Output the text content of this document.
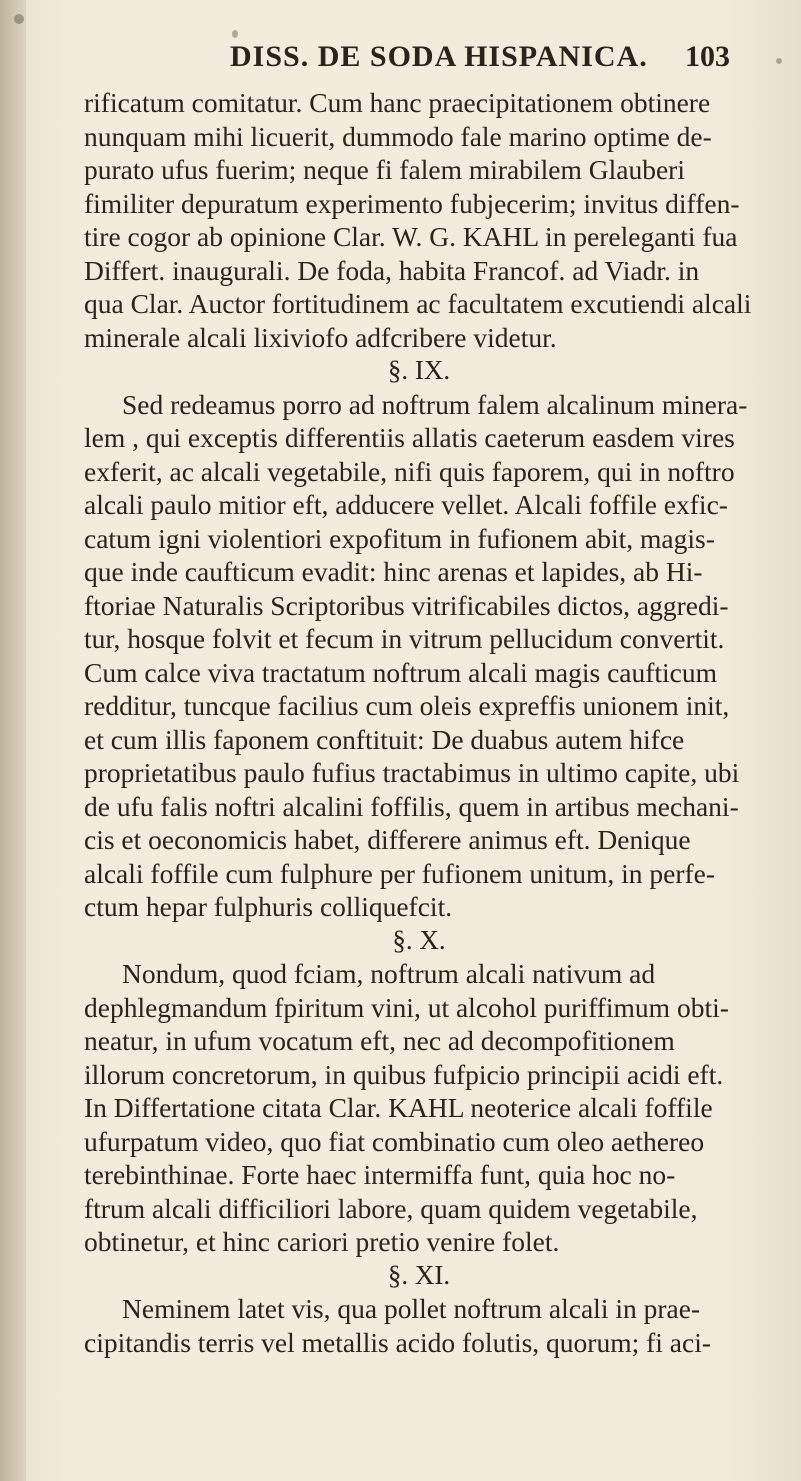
DISS. DE SODA HISPANICA. 103
rificatum comitatur. Cum hanc praecipitationem obtinere
nunquam mihi licuerit, dummodo fale marino optime de-
purato ufus fuerim; neque fi falem mirabilem Glauberi
fimiliter depuratum experimento fubjecerim; invitus diffen-
tire cogor ab opinione Clar. W. G. KAHL in pereleganti fua
Differt. inaugurali. De foda, habita Francof. ad Viadr. in
qua Clar. Auctor fortitudinem ac facultatem excutiendi alcali
minerale alcali lixiviofo adfcribere videtur.
§. IX.
Sed redeamus porro ad noftrum falem alcalinum minera-
lem , qui exceptis differentiis allatis caeterum easdem vires
exferit, ac alcali vegetabile, nifi quis faporem, qui in noftro
alcali paulo mitior eft, adducere vellet. Alcali foffile exfic-
catum igni violentiori expofitum in fufionem abit, magis-
que inde caufticum evadit: hinc arenas et lapides, ab Hi-
ftoriae Naturalis Scriptoribus vitrificabiles dictos, aggredi-
tur, hosque folvit et fecum in vitrum pellucidum convertit.
Cum calce viva tractatum noftrum alcali magis caufticum
redditur, tuncque facilius cum oleis expreffis unionem init,
et cum illis faponem conftituit: De duabus autem hifce
proprietatibus paulo fufius tractabimus in ultimo capite, ubi
de ufu falis noftri alcalini foffilis, quem in artibus mechani-
cis et oeconomicis habet, differere animus eft. Denique
alcali foffile cum fulphure per fufionem unitum, in perfe-
ctum hepar fulphuris colliquefcit.
§. X.
Nondum, quod fciam, noftrum alcali nativum ad
dephlegmandum fpiritum vini, ut alcohol puriffimum obti-
neatur, in ufum vocatum eft, nec ad decompofitionem
illorum concretorum, in quibus fufpicio principii acidi eft.
In Differtatione citata Clar. KAHL neoterice alcali foffile
ufurpatum video, quo fiat combinatio cum oleo aethereo
terebinthinae. Forte haec intermiffa funt, quia hoc no-
ftrum alcali difficiliori labore, quam quidem vegetabile,
obtinetur, et hinc cariori pretio venire folet.
§. XI.
Neminem latet vis, qua pollet noftrum alcali in prae-
cipitandis terris vel metallis acido folutis, quorum; fi aci-
